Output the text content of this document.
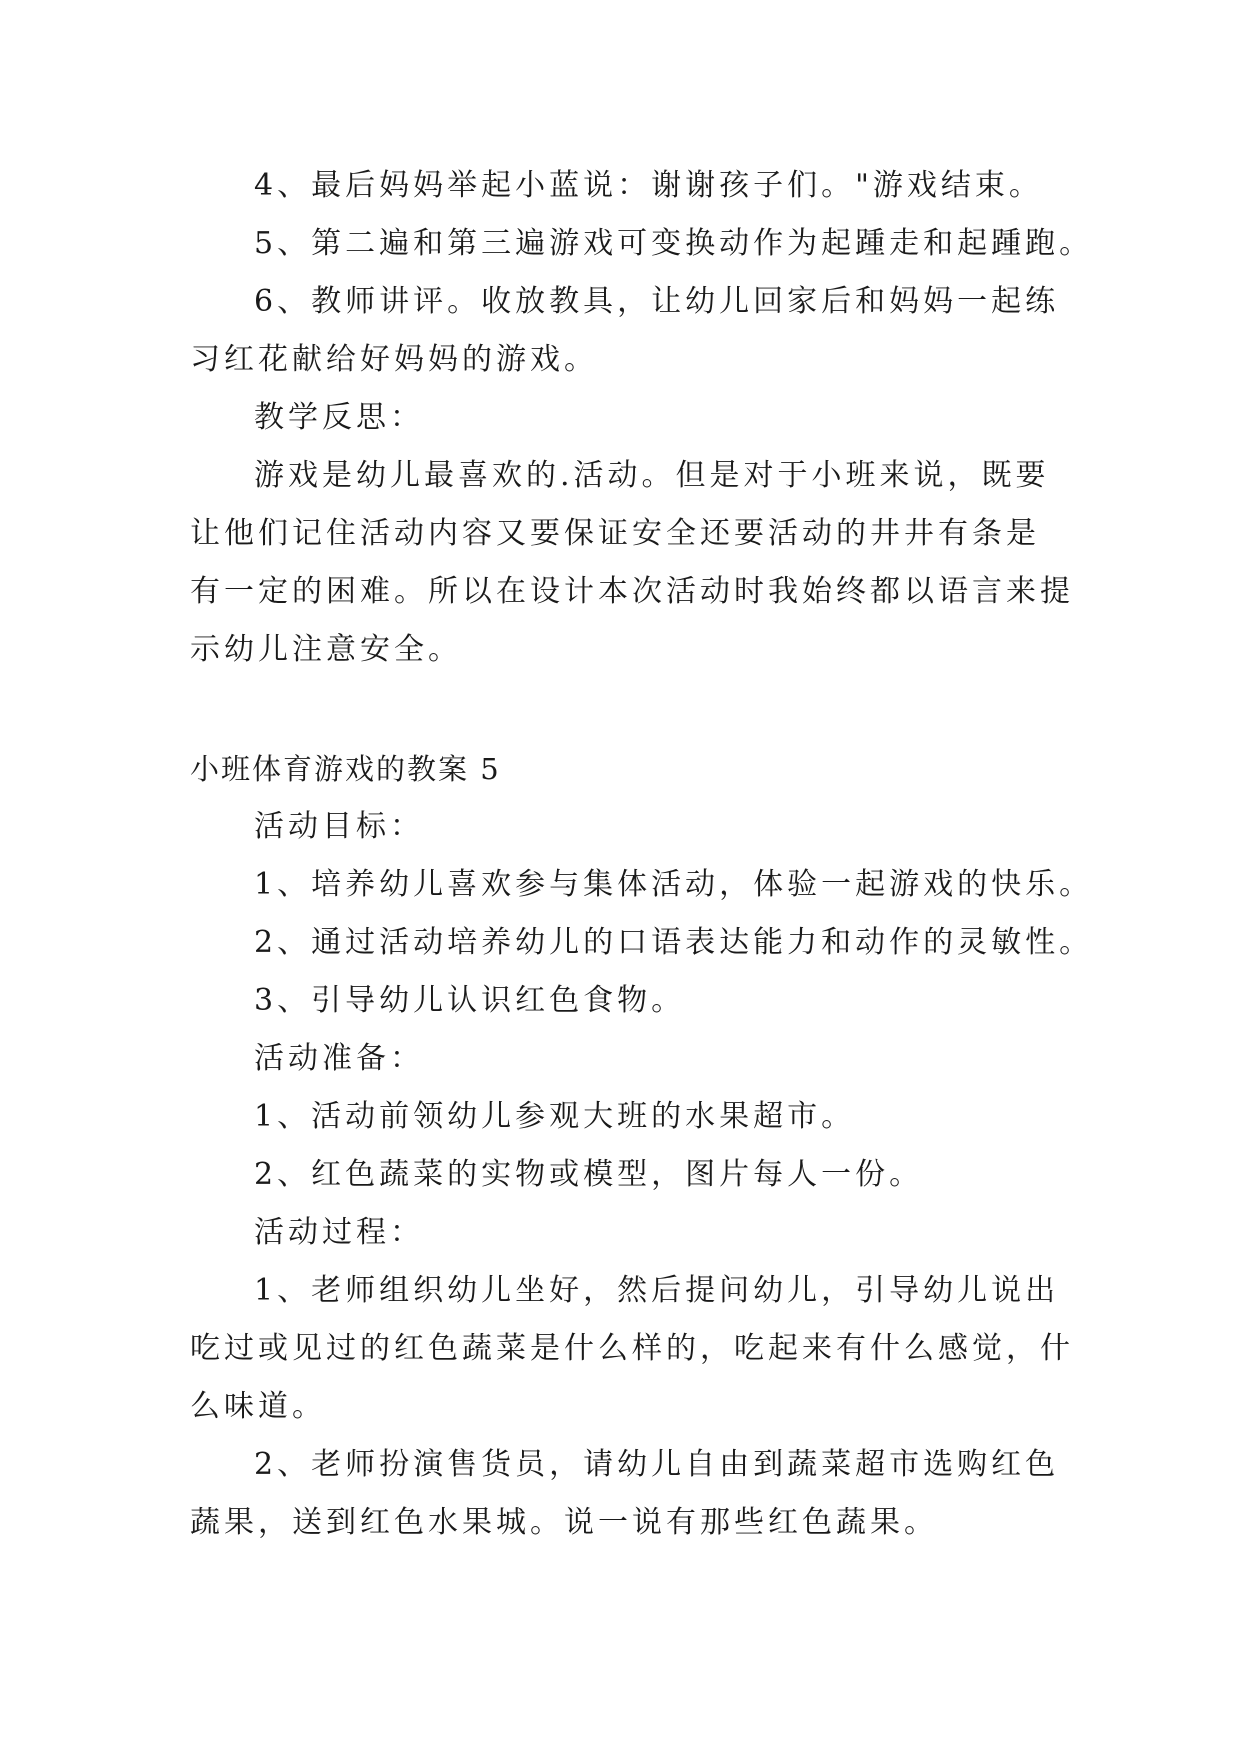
4、最后妈妈举起小蓝说：谢谢孩子们。"游戏结束。
5、第二遍和第三遍游戏可变换动作为起踵走和起踵跑。
6、教师讲评。收放教具，让幼儿回家后和妈妈一起练
习红花献给好妈妈的游戏。
教学反思：
游戏是幼儿最喜欢的.活动。但是对于小班来说，既要
让他们记住活动内容又要保证安全还要活动的井井有条是
有一定的困难。所以在设计本次活动时我始终都以语言来提
示幼儿注意安全。
小班体育游戏的教案 5
活动目标：
1、培养幼儿喜欢参与集体活动，体验一起游戏的快乐。
2、通过活动培养幼儿的口语表达能力和动作的灵敏性。
3、引导幼儿认识红色食物。
活动准备：
1、活动前领幼儿参观大班的水果超市。
2、红色蔬菜的实物或模型，图片每人一份。
活动过程：
1、老师组织幼儿坐好，然后提问幼儿，引导幼儿说出
吃过或见过的红色蔬菜是什么样的，吃起来有什么感觉，什
么味道。
2、老师扮演售货员，请幼儿自由到蔬菜超市选购红色
蔬果，送到红色水果城。说一说有那些红色蔬果。
